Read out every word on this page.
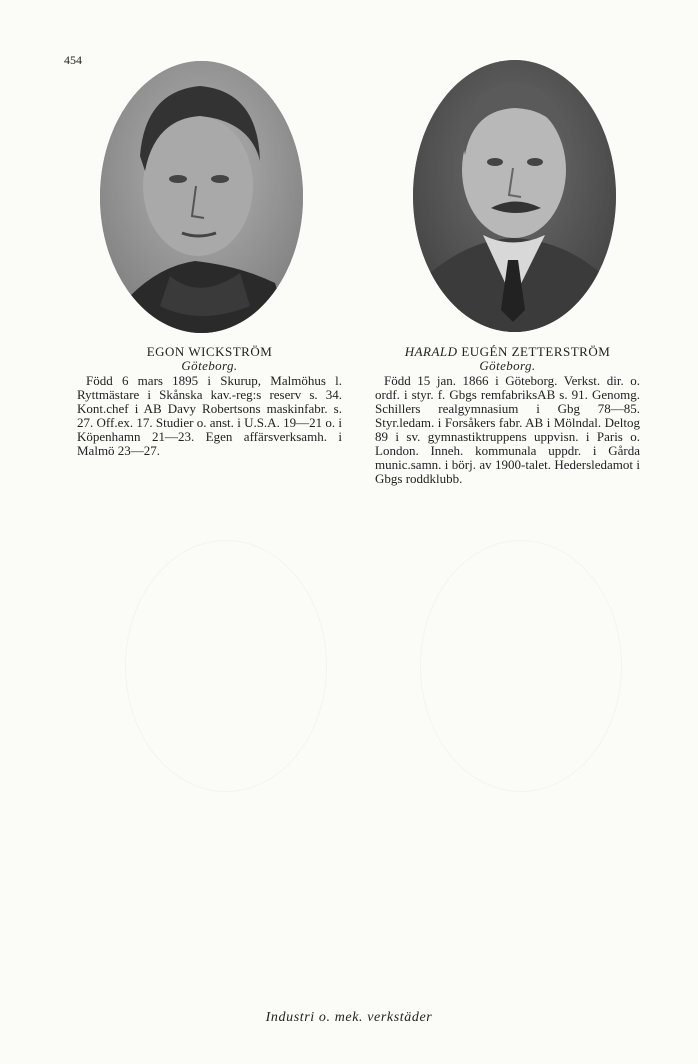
454
EGON WICKSTRÖM
Göteborg.
Född 6 mars 1895 i Skurup, Malmöhus l. Ryttmästare i Skånska kav.-reg:s reserv s. 34. Kont.chef i AB Davy Robertsons maskinfabr. s. 27. Off.ex. 17. Studier o. anst. i U.S.A. 19—21 o. i Köpenhamn 21—23. Egen affärsverksamh. i Malmö 23—27.
HARALD EUGÉN ZETTERSTRÖM
Göteborg.
Född 15 jan. 1866 i Göteborg. Verkst. dir. o. ordf. i styr. f. Gbgs remfabriksAB s. 91. Genomg. Schillers realgymnasium i Gbg 78—85. Styr.ledam. i Forsåkers fabr. AB i Mölndal. Deltog 89 i sv. gymnastiktruppens uppvisn. i Paris o. London. Inneh. kommunala uppdr. i Gårda munic.samn. i börj. av 1900-talet. Hedersledamot i Gbgs roddklubb.
Industri o. mek. verkstäder
